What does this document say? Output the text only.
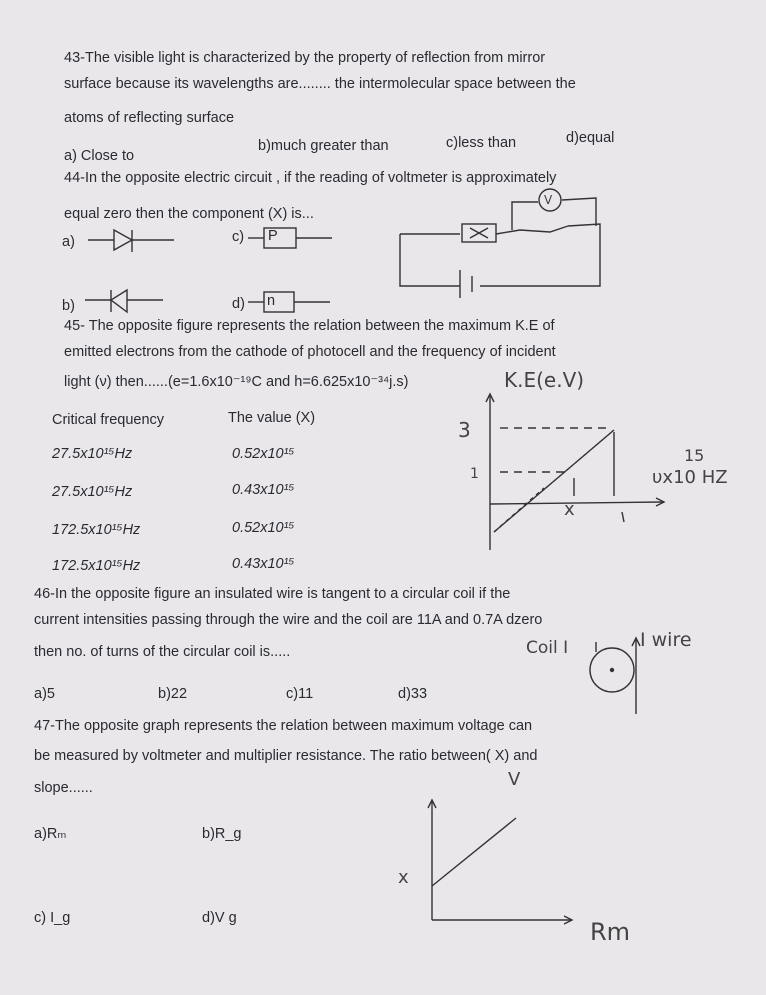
43-The visible light is characterized by the property of reflection from mirror
surface because its wavelengths are........ the intermolecular space between the
atoms of reflecting surface
a) Close to
b)much greater than	c)less than	d)equal
44-In the opposite electric circuit , if the reading of voltmeter is approximately
equal zero then the component (X) is...
a)	c)
b)	d)
P
n
V
45- The opposite figure represents the relation between the maximum K.E of
emitted electrons from the cathode of photocell and the frequency of incident
light (ν) then......(e=1.6x10⁻¹⁹C and h=6.625x10⁻³⁴j.s)
Critical frequency	The value (X)
27.5x10¹⁵Hz	0.52x10¹⁵
27.5x10¹⁵Hz	0.43x10¹⁵
172.5x10¹⁵Hz	0.52x10¹⁵
172.5x10¹⁵Hz	0.43x10¹⁵
K.E(e.V)
3
1
15
υx10 HZ
x
46-In the opposite figure an insulated wire is tangent to a circular coil if the
current intensities passing through the wire and the coil are 11A and 0.7A dzero
then no. of turns of the circular coil is.....
a)5	b)22	c)11	d)33
Coil I	I wire
47-The opposite graph represents the relation between maximum voltage can
be measured by voltmeter and multiplier resistance. The ratio between( X) and
slope......
a)Rₘ	b)R_g
c) I_g	d)V g
V
x
Rm
